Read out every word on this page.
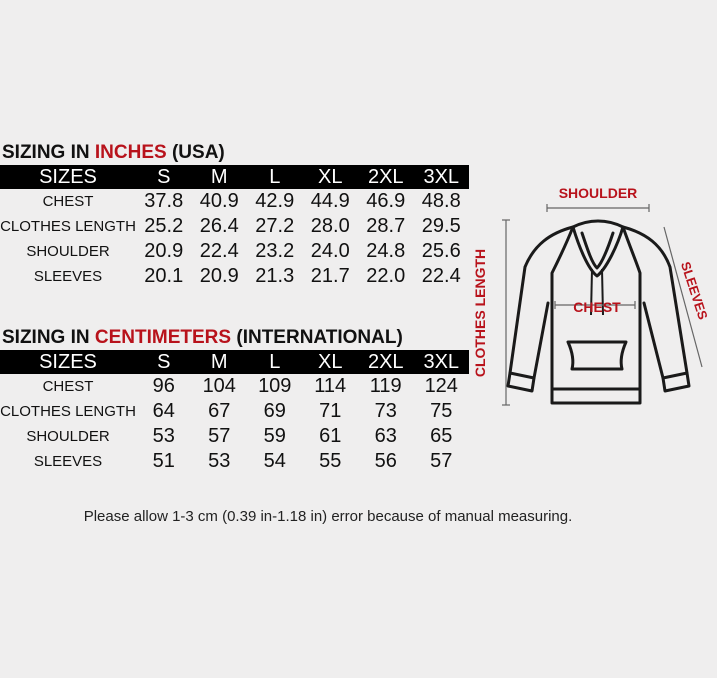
SIZING IN INCHES (USA)
SIZES	S	M	L	XL	2XL	3XL
CHEST	37.8	40.9	42.9	44.9	46.9	48.8
CLOTHES LENGTH	25.2	26.4	27.2	28.0	28.7	29.5
SHOULDER	20.9	22.4	23.2	24.0	24.8	25.6
SLEEVES	20.1	20.9	21.3	21.7	22.0	22.4
SIZING IN CENTIMETERS (INTERNATIONAL)
SIZES	S	M	L	XL	2XL	3XL
CHEST	96	104	109	114	119	124
CLOTHES LENGTH	64	67	69	71	73	75
SHOULDER	53	57	59	61	63	65
SLEEVES	51	53	54	55	56	57
SHOULDER
CLOTHES LENGTH	SLEEVES
CHEST
Please allow 1-3 cm (0.39 in-1.18 in) error because of manual measuring.
